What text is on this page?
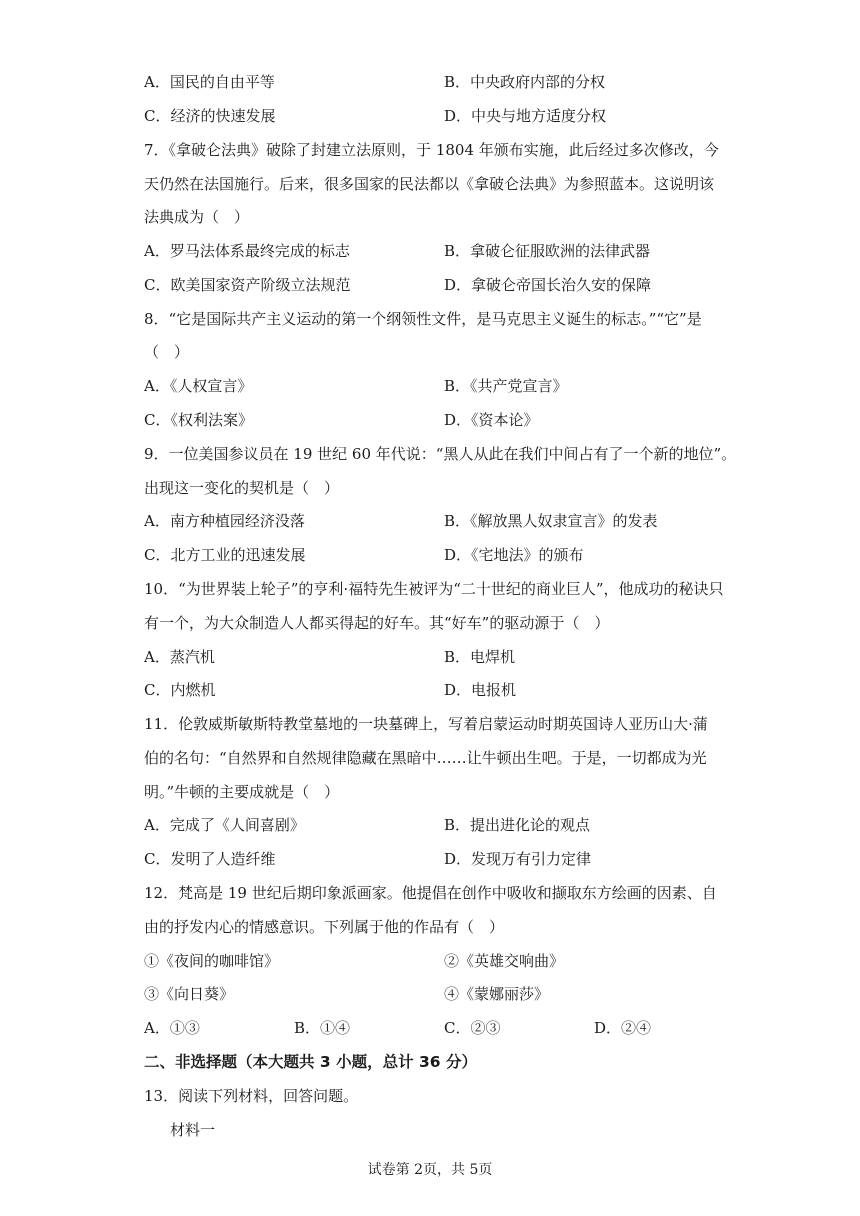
A．国民的自由平等	B．中央政府内部的分权
C．经济的快速发展	D．中央与地方适度分权
7．《拿破仑法典》破除了封建立法原则，于 1804 年颁布实施，此后经过多次修改，今
天仍然在法国施行。后来，很多国家的民法都以《拿破仑法典》为参照蓝本。这说明该
法典成为（　）
A．罗马法体系最终完成的标志	B．拿破仑征服欧洲的法律武器
C．欧美国家资产阶级立法规范	D．拿破仑帝国长治久安的保障
8．“它是国际共产主义运动的第一个纲领性文件，是马克思主义诞生的标志。”“它”是
（　）
A．《人权宣言》	B．《共产党宣言》
C．《权利法案》	D．《资本论》
9．一位美国参议员在 19 世纪 60 年代说：“黑人从此在我们中间占有了一个新的地位”。
出现这一变化的契机是（　）
A．南方种植园经济没落	B．《解放黑人奴隶宣言》的发表
C．北方工业的迅速发展	D．《宅地法》的颁布
10．“为世界装上轮子”的亨利·福特先生被评为“二十世纪的商业巨人”，他成功的秘诀只
有一个，为大众制造人人都买得起的好车。其“好车”的驱动源于（　）
A．蒸汽机	B．电焊机
C．内燃机	D．电报机
11．伦敦威斯敏斯特教堂墓地的一块墓碑上，写着启蒙运动时期英国诗人亚历山大·蒲
伯的名句：“自然界和自然规律隐藏在黑暗中……让牛顿出生吧。于是，一切都成为光
明。”牛顿的主要成就是（　）
A．完成了《人间喜剧》	B．提出进化论的观点
C．发明了人造纤维	D．发现万有引力定律
12．梵高是 19 世纪后期印象派画家。他提倡在创作中吸收和撷取东方绘画的因素、自
由的抒发内心的情感意识。下列属于他的作品有（　）
①《夜间的咖啡馆》	②《英雄交响曲》
③《向日葵》	④《蒙娜丽莎》
A．①③	B．①④	C．②③	D．②④
二、非选择题（本大题共 3 小题，总计 36 分）
13．阅读下列材料，回答问题。
材料一
试卷第 2页，共 5页
